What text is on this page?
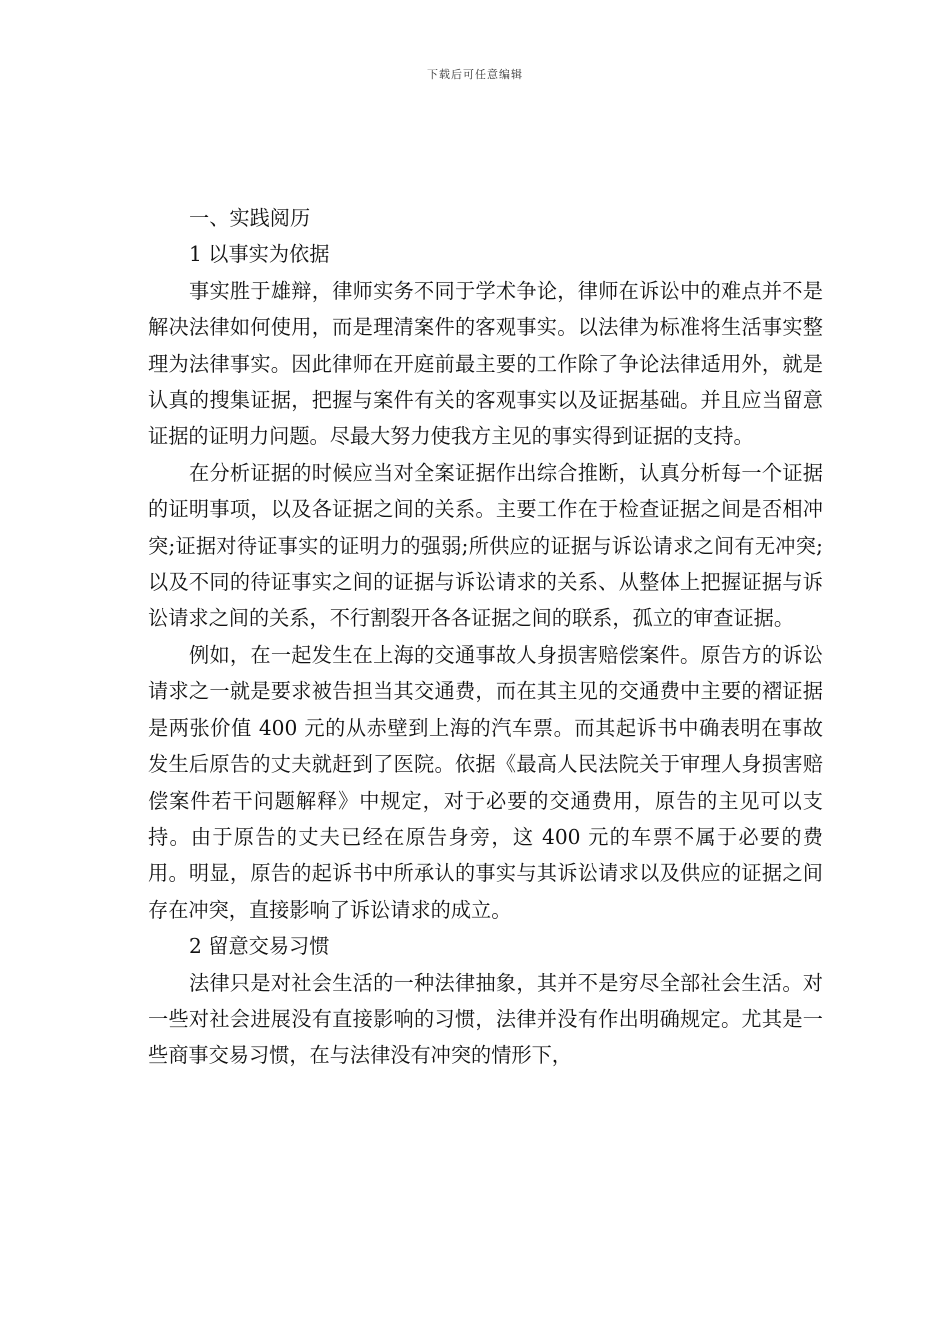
下载后可任意编辑

一、实践阅历

1 以事实为依据

事实胜于雄辩，律师实务不同于学术争论，律师在诉讼中的难点并不是解决法律如何使用，而是理清案件的客观事实。以法律为标准将生活事实整理为法律事实。因此律师在开庭前最主要的工作除了争论法律适用外，就是认真的搜集证据，把握与案件有关的客观事实以及证据基础。并且应当留意证据的证明力问题。尽最大努力使我方主见的事实得到证据的支持。

在分析证据的时候应当对全案证据作出综合推断，认真分析每一个证据的证明事项，以及各证据之间的关系。主要工作在于检查证据之间是否相冲突;证据对待证事实的证明力的强弱;所供应的证据与诉讼请求之间有无冲突;以及不同的待证事实之间的证据与诉讼请求的关系、从整体上把握证据与诉讼请求之间的关系，不行割裂开各各证据之间的联系，孤立的审查证据。

例如，在一起发生在上海的交通事故人身损害赔偿案件。原告方的诉讼请求之一就是要求被告担当其交通费，而在其主见的交通费中主要的褶证据是两张价值 400 元的从赤壁到上海的汽车票。而其起诉书中确表明在事故发生后原告的丈夫就赶到了医院。依据《最高人民法院关于审理人身损害赔偿案件若干问题解释》中规定，对于必要的交通费用，原告的主见可以支持。由于原告的丈夫已经在原告身旁，这 400 元的车票不属于必要的费用。明显，原告的起诉书中所承认的事实与其诉讼请求以及供应的证据之间存在冲突，直接影响了诉讼请求的成立。

2 留意交易习惯

法律只是对社会生活的一种法律抽象，其并不是穷尽全部社会生活。对一些对社会进展没有直接影响的习惯，法律并没有作出明确规定。尤其是一些商事交易习惯，在与法律没有冲突的情形下，
